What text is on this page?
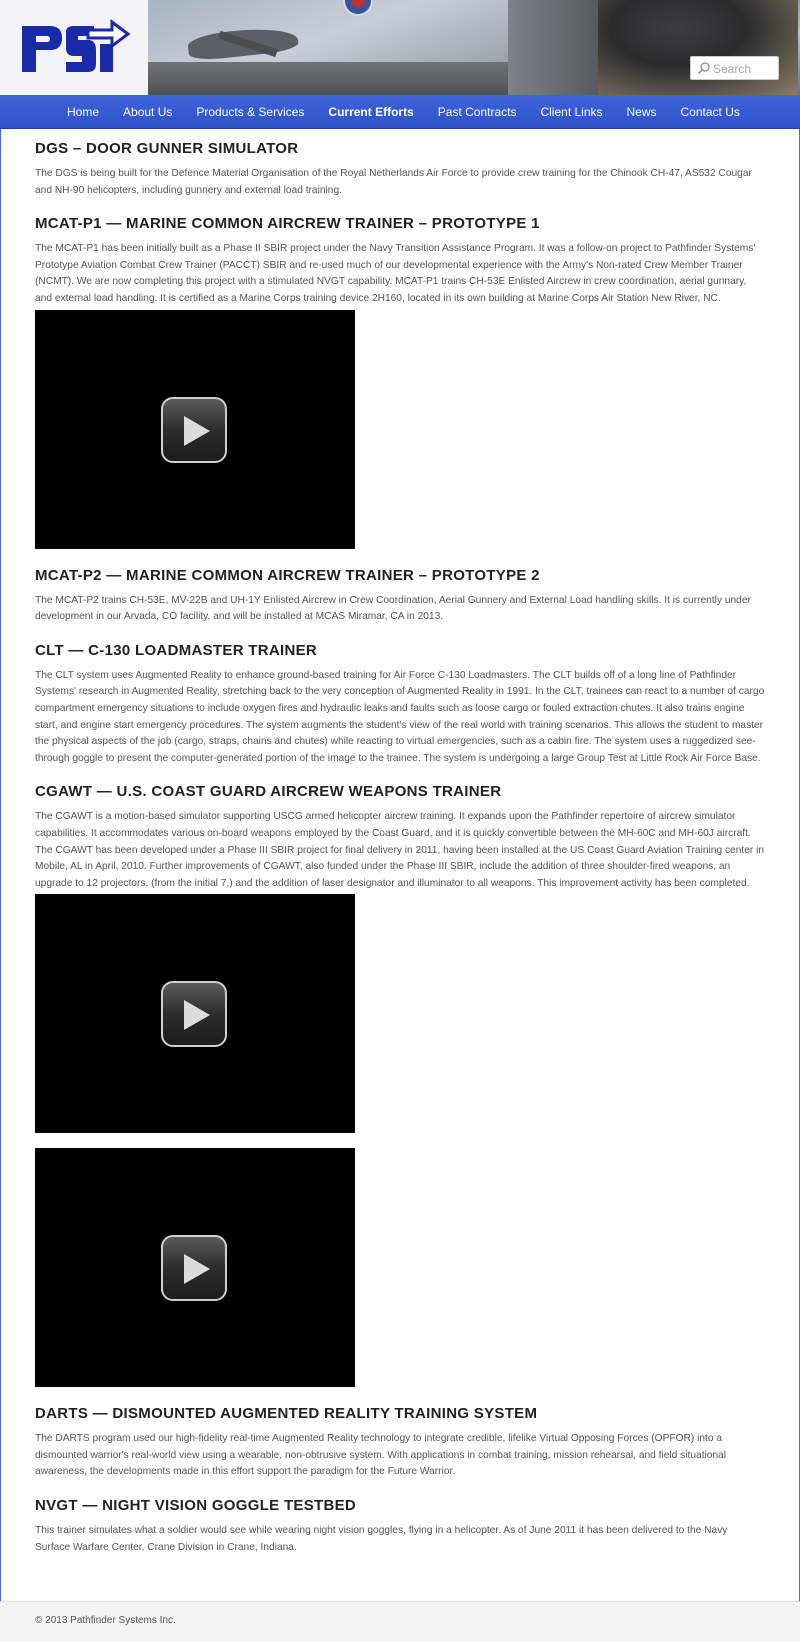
PSI
Search
Home	About Us	Products & Services	Current Efforts	Past Contracts	Client Links	News	Contact Us
DGS – DOOR GUNNER SIMULATOR

The DGS is being built for the Defence Material Organisation of the Royal Netherlands Air Force to provide crew training for the Chinook CH-47, AS532 Cougar and NH-90 helicopters, including gunnery and external load training.

MCAT-P1 — MARINE COMMON AIRCREW TRAINER – PROTOTYPE 1

The MCAT-P1 has been initially built as a Phase II SBIR project under the Navy Transition Assistance Program. It was a follow-on project to Pathfinder Systems' Prototype Aviation Combat Crew Trainer (PACCT) SBIR and re-used much of our developmental experience with the Army's Non-rated Crew Member Trainer (NCMT). We are now completing this project with a stimulated NVGT capability. MCAT-P1 trains CH-53E Enlisted Aircrew in crew coordination, aerial gunnary, and external load handling. It is certified as a Marine Corps training device 2H160, located in its own building at Marine Corps Air Station New River, NC.

MCAT-P2 — MARINE COMMON AIRCREW TRAINER – PROTOTYPE 2

The MCAT-P2 trains CH-53E, MV-22B and UH-1Y Enlisted Aircrew in Crew Coordination, Aerial Gunnery and External Load handling skills. It is currently under development in our Arvada, CO facility, and will be installed at MCAS Miramar, CA in 2013.

CLT — C-130 LOADMASTER TRAINER

The CLT system uses Augmented Reality to enhance ground-based training for Air Force C-130 Loadmasters. The CLT builds off of a long line of Pathfinder Systems' research in Augmented Reality, stretching back to the very conception of Augmented Reality in 1991. In the CLT, trainees can react to a number of cargo compartment emergency situations to include oxygen fires and hydraulic leaks and faults such as loose cargo or fouled extraction chutes. It also trains engine start, and engine start emergency procedures. The system augments the student's view of the real world with training scenarios. This allows the student to master the physical aspects of the job (cargo, straps, chains and chutes) while reacting to virtual emergencies, such as a cabin fire. The system uses a ruggedized see-through goggle to present the computer-generated portion of the image to the trainee. The system is undergoing a large Group Test at Little Rock Air Force Base.

CGAWT — U.S. COAST GUARD AIRCREW WEAPONS TRAINER

The CGAWT is a motion-based simulator supporting USCG armed helicopter aircrew training. It expands upon the Pathfinder repertoire of aircrew simulator capabilities. It accommodates various on-board weapons employed by the Coast Guard, and it is quickly convertible between the MH-60C and MH-60J aircraft. The CGAWT has been developed under a Phase III SBIR project for final delivery in 2011, having been installed at the US Coast Guard Aviation Training center in Mobile, AL in April, 2010. Further improvements of CGAWT, also funded under the Phase III SBIR, include the addition of three shoulder-fired weapons, an upgrade to 12 projectors, (from the initial 7,) and the addition of laser designator and illuminator to all weapons. This improvement activity has been completed.

DARTS — DISMOUNTED AUGMENTED REALITY TRAINING SYSTEM

The DARTS program used our high-fidelity real-time Augmented Reality technology to integrate credible, lifelike Virtual Opposing Forces (OPFOR) into a dismounted warrior's real-world view using a wearable, non-obtrusive system. With applications in combat training, mission rehearsal, and field situational awareness, the developments made in this effort support the paradigm for the Future Warrior.

NVGT — NIGHT VISION GOGGLE TESTBED

This trainer simulates what a soldier would see while wearing night vision goggles, flying in a helicopter. As of June 2011 it has been delivered to the Navy Surface Warfare Center, Crane Division in Crane, Indiana.

© 2013 Pathfinder Systems Inc.
